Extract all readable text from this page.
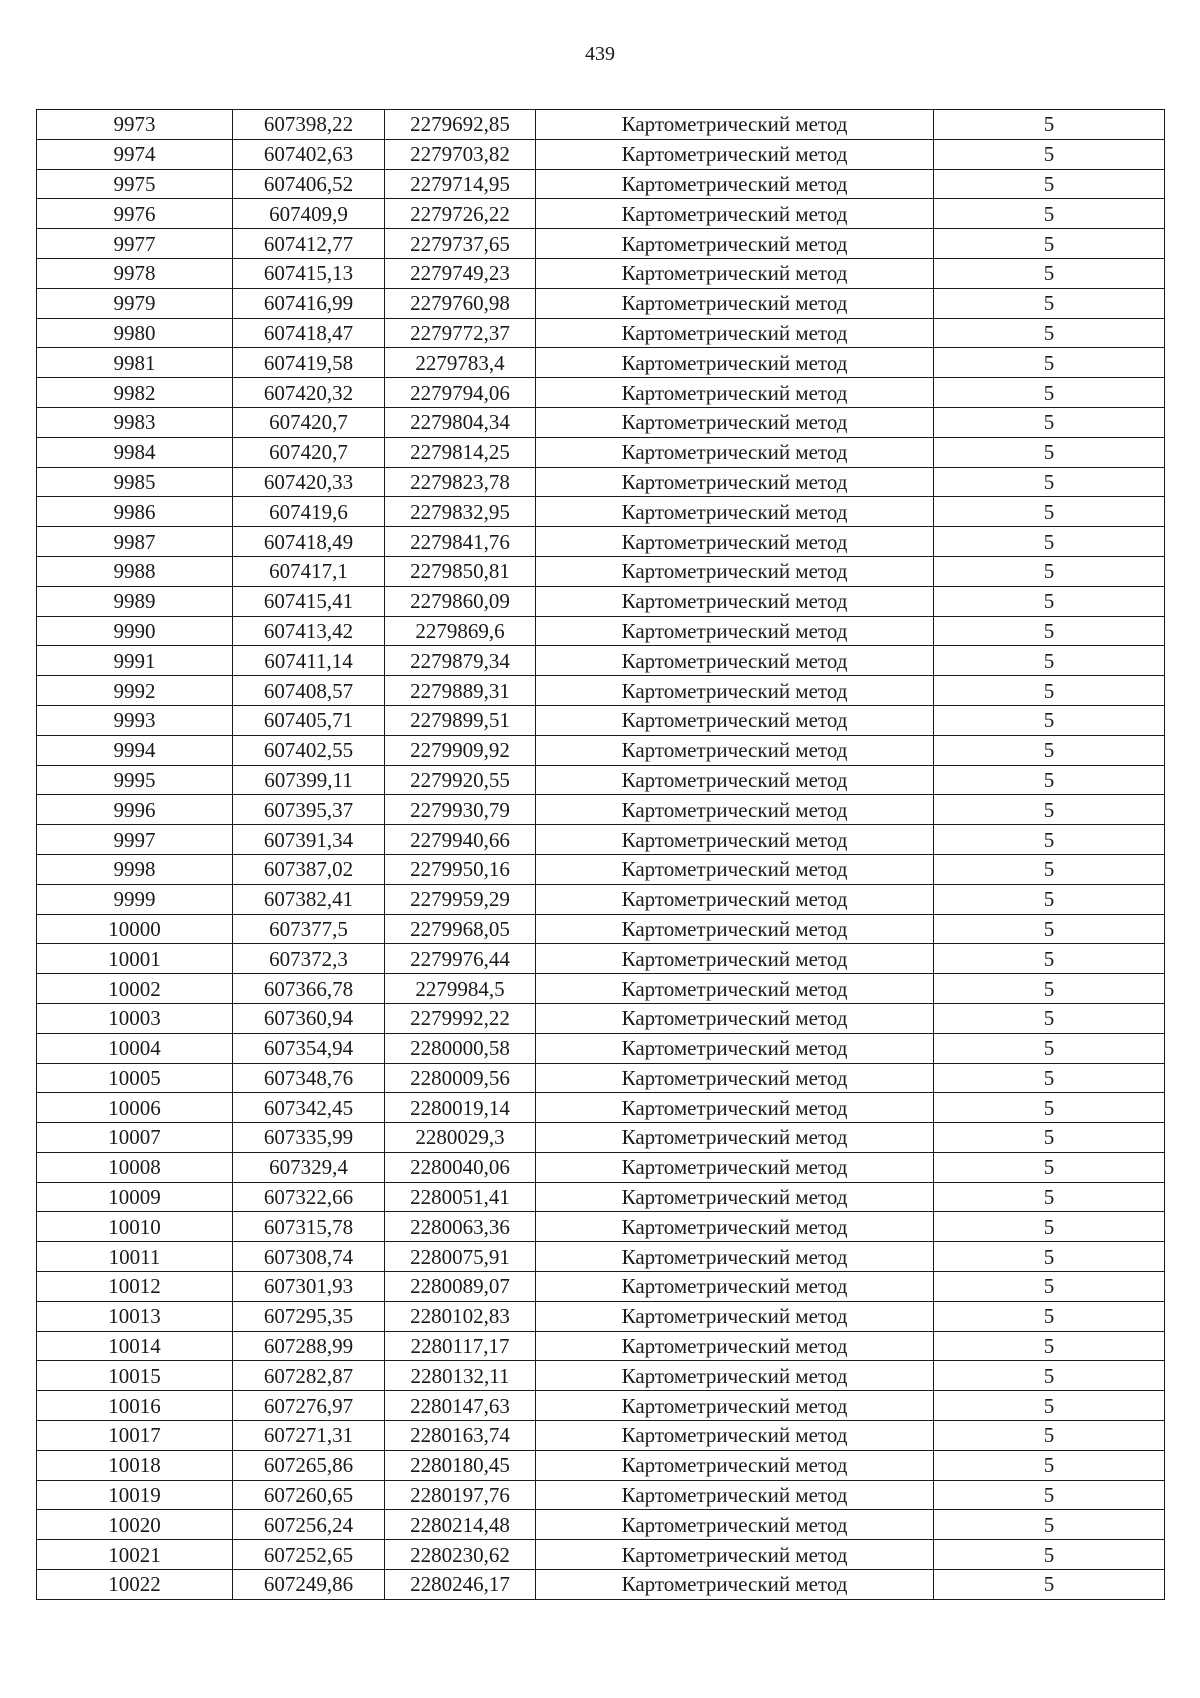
439
9973	607398,22	2279692,85	Картометрический метод	5
9974	607402,63	2279703,82	Картометрический метод	5
9975	607406,52	2279714,95	Картометрический метод	5
9976	607409,9	2279726,22	Картометрический метод	5
9977	607412,77	2279737,65	Картометрический метод	5
9978	607415,13	2279749,23	Картометрический метод	5
9979	607416,99	2279760,98	Картометрический метод	5
9980	607418,47	2279772,37	Картометрический метод	5
9981	607419,58	2279783,4	Картометрический метод	5
9982	607420,32	2279794,06	Картометрический метод	5
9983	607420,7	2279804,34	Картометрический метод	5
9984	607420,7	2279814,25	Картометрический метод	5
9985	607420,33	2279823,78	Картометрический метод	5
9986	607419,6	2279832,95	Картометрический метод	5
9987	607418,49	2279841,76	Картометрический метод	5
9988	607417,1	2279850,81	Картометрический метод	5
9989	607415,41	2279860,09	Картометрический метод	5
9990	607413,42	2279869,6	Картометрический метод	5
9991	607411,14	2279879,34	Картометрический метод	5
9992	607408,57	2279889,31	Картометрический метод	5
9993	607405,71	2279899,51	Картометрический метод	5
9994	607402,55	2279909,92	Картометрический метод	5
9995	607399,11	2279920,55	Картометрический метод	5
9996	607395,37	2279930,79	Картометрический метод	5
9997	607391,34	2279940,66	Картометрический метод	5
9998	607387,02	2279950,16	Картометрический метод	5
9999	607382,41	2279959,29	Картометрический метод	5
10000	607377,5	2279968,05	Картометрический метод	5
10001	607372,3	2279976,44	Картометрический метод	5
10002	607366,78	2279984,5	Картометрический метод	5
10003	607360,94	2279992,22	Картометрический метод	5
10004	607354,94	2280000,58	Картометрический метод	5
10005	607348,76	2280009,56	Картометрический метод	5
10006	607342,45	2280019,14	Картометрический метод	5
10007	607335,99	2280029,3	Картометрический метод	5
10008	607329,4	2280040,06	Картометрический метод	5
10009	607322,66	2280051,41	Картометрический метод	5
10010	607315,78	2280063,36	Картометрический метод	5
10011	607308,74	2280075,91	Картометрический метод	5
10012	607301,93	2280089,07	Картометрический метод	5
10013	607295,35	2280102,83	Картометрический метод	5
10014	607288,99	2280117,17	Картометрический метод	5
10015	607282,87	2280132,11	Картометрический метод	5
10016	607276,97	2280147,63	Картометрический метод	5
10017	607271,31	2280163,74	Картометрический метод	5
10018	607265,86	2280180,45	Картометрический метод	5
10019	607260,65	2280197,76	Картометрический метод	5
10020	607256,24	2280214,48	Картометрический метод	5
10021	607252,65	2280230,62	Картометрический метод	5
10022	607249,86	2280246,17	Картометрический метод	5
